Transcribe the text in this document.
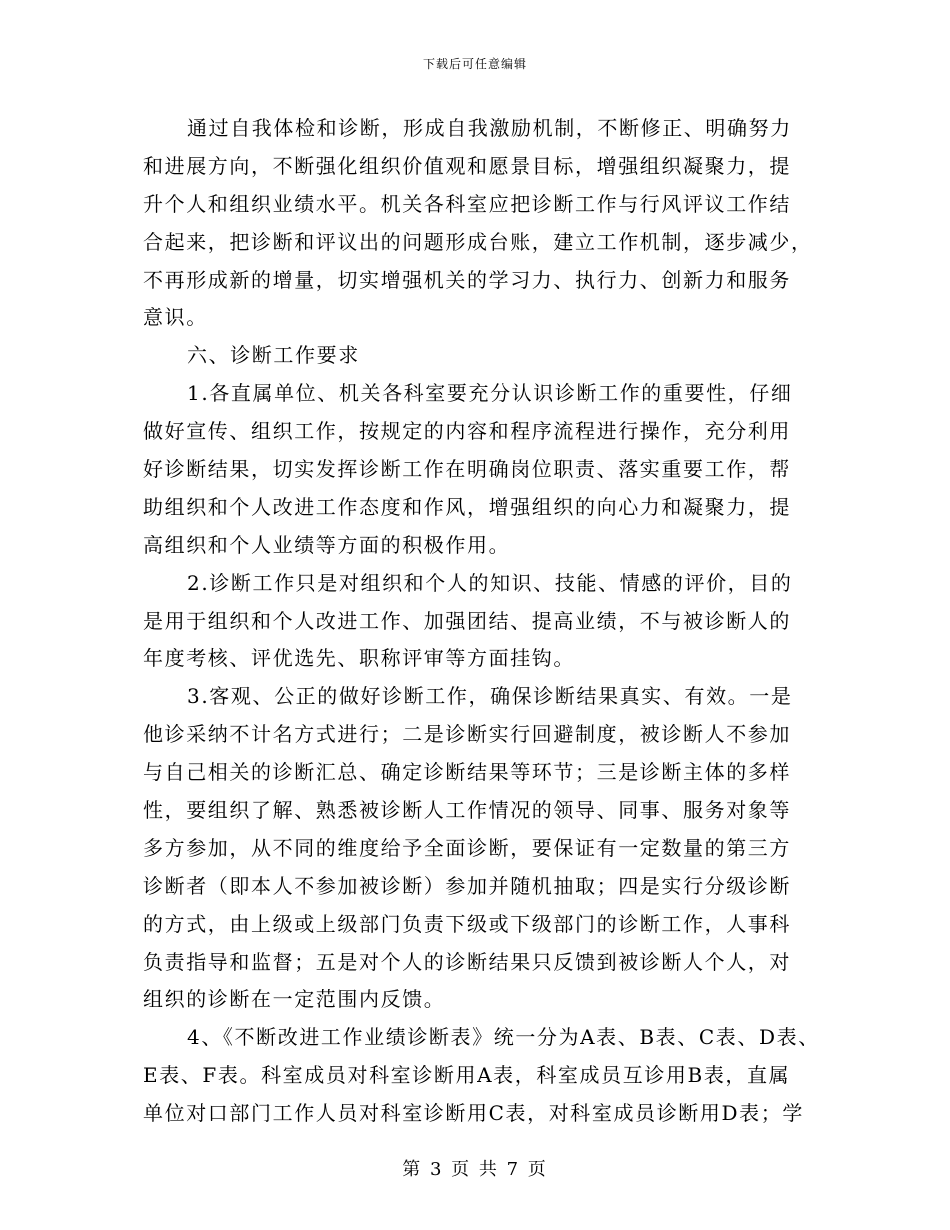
下载后可任意编辑
通过自我体检和诊断，形成自我激励机制，不断修正、明确努力
和进展方向，不断强化组织价值观和愿景目标，增强组织凝聚力，提
升个人和组织业绩水平。机关各科室应把诊断工作与行风评议工作结
合起来，把诊断和评议出的问题形成台账，建立工作机制，逐步减少，
不再形成新的增量，切实增强机关的学习力、执行力、创新力和服务
意识。
六、诊断工作要求
1.各直属单位、机关各科室要充分认识诊断工作的重要性，仔细
做好宣传、组织工作，按规定的内容和程序流程进行操作，充分利用
好诊断结果，切实发挥诊断工作在明确岗位职责、落实重要工作，帮
助组织和个人改进工作态度和作风，增强组织的向心力和凝聚力，提
高组织和个人业绩等方面的积极作用。
2.诊断工作只是对组织和个人的知识、技能、情感的评价，目的
是用于组织和个人改进工作、加强团结、提高业绩，不与被诊断人的
年度考核、评优选先、职称评审等方面挂钩。
3.客观、公正的做好诊断工作，确保诊断结果真实、有效。一是
他诊采纳不计名方式进行；二是诊断实行回避制度，被诊断人不参加
与自己相关的诊断汇总、确定诊断结果等环节；三是诊断主体的多样
性，要组织了解、熟悉被诊断人工作情况的领导、同事、服务对象等
多方参加，从不同的维度给予全面诊断，要保证有一定数量的第三方
诊断者（即本人不参加被诊断）参加并随机抽取；四是实行分级诊断
的方式，由上级或上级部门负责下级或下级部门的诊断工作，人事科
负责指导和监督；五是对个人的诊断结果只反馈到被诊断人个人，对
组织的诊断在一定范围内反馈。
4、《不断改进工作业绩诊断表》统一分为A表、B表、C表、D表、
E表、F表。科室成员对科室诊断用A表，科室成员互诊用B表，直属
单位对口部门工作人员对科室诊断用C表，对科室成员诊断用D表；学
第 3 页 共 7 页
